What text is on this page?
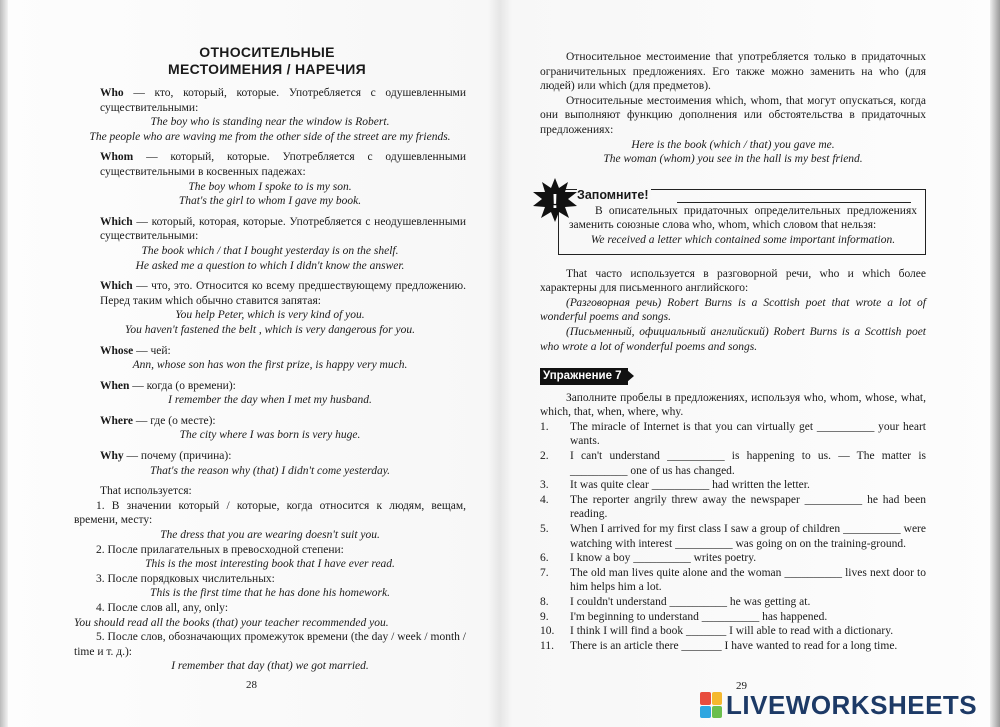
ОТНОСИТЕЛЬНЫЕ
МЕСТОИМЕНИЯ / НАРЕЧИЯ

Who — кто, который, которые. Употребляется с одушевленными существительными:

The boy who is standing near the window is Robert.

The people who are waving me from the other side of the street are my friends.

Whom — который, которые. Употребляется с одушевленными существительными в косвенных падежах:

The boy whom I spoke to is my son.

That's the girl to whom I gave my book.

Which — который, которая, которые. Употребляется с неодушевленными существительными:

The book which / that I bought yesterday is on the shelf.

He asked me a question to which I didn't know the answer.

Which — что, это. Относится ко всему предшествующему предложению. Перед таким which обычно ставится запятая:

You help Peter, which is very kind of you.

You haven't fastened the belt , which is very dangerous for you.

Whose — чей:

Ann, whose son has won the first prize, is happy very much.

When — когда (о времени):

I remember the day when I met my husband.

Where — где (о месте):

The city where I was born is very huge.

Why — почему (причина):

That's the reason why (that) I didn't come yesterday.

That используется:

1. В значении который / которые, когда относится к людям, вещам, времени, месту:

The dress that you are wearing doesn't suit you.

2. После прилагательных в превосходной степени:

This is the most interesting book that I have ever read.

3. После порядковых числительных:

This is the first time that he has done his homework.

4. После слов all, any, only:

You should read all the books (that) your teacher recommended you.

5. После слов, обозначающих промежуток времени (the day / week / month / time и т. д.):

I remember that day (that) we got married.

28

Относительное местоимение that употребляется только в придаточных ограничительных предложениях. Его также можно заменить на who (для людей) или which (для предметов).

Относительные местоимения which, whom, that могут опускаться, когда они выполняют функцию дополнения или обстоятельства в придаточных предложениях:

Here is the book (which / that) you gave me.

The woman (whom) you see in the hall is my best friend.

! Запомните!

В описательных придаточных определительных предложениях заменить союзные слова who, whom, which словом that нельзя:

We received a letter which contained some important information.

That часто используется в разговорной речи, who и which более характерны для письменного английского:

(Разговорная речь) Robert Burns is a Scottish poet that wrote a lot of wonderful poems and songs.

(Письменный, официальный английский) Robert Burns is a Scottish poet who wrote a lot of wonderful poems and songs.

Упражнение 7

Заполните пробелы в предложениях, используя who, whom, whose, what, which, that, when, where, why.

1. The miracle of Internet is that you can virtually get __________ your heart wants.
2. I can't understand __________ is happening to us. — The matter is __________ one of us has changed.
3. It was quite clear __________ had written the letter.
4. The reporter angrily threw away the newspaper __________ he had been reading.
5. When I arrived for my first class I saw a group of children __________ were watching with interest __________ was going on on the training-ground.
6. I know a boy __________ writes poetry.
7. The old man lives quite alone and the woman __________ lives next door to him helps him a lot.
8. I couldn't understand __________ he was getting at.
9. I'm beginning to understand __________ has happened.
10. I think I will find a book _______ I will able to read with a dictionary.
11. There is an article there _______ I have wanted to read for a long time.
29
LIVEWORKSHEETS
